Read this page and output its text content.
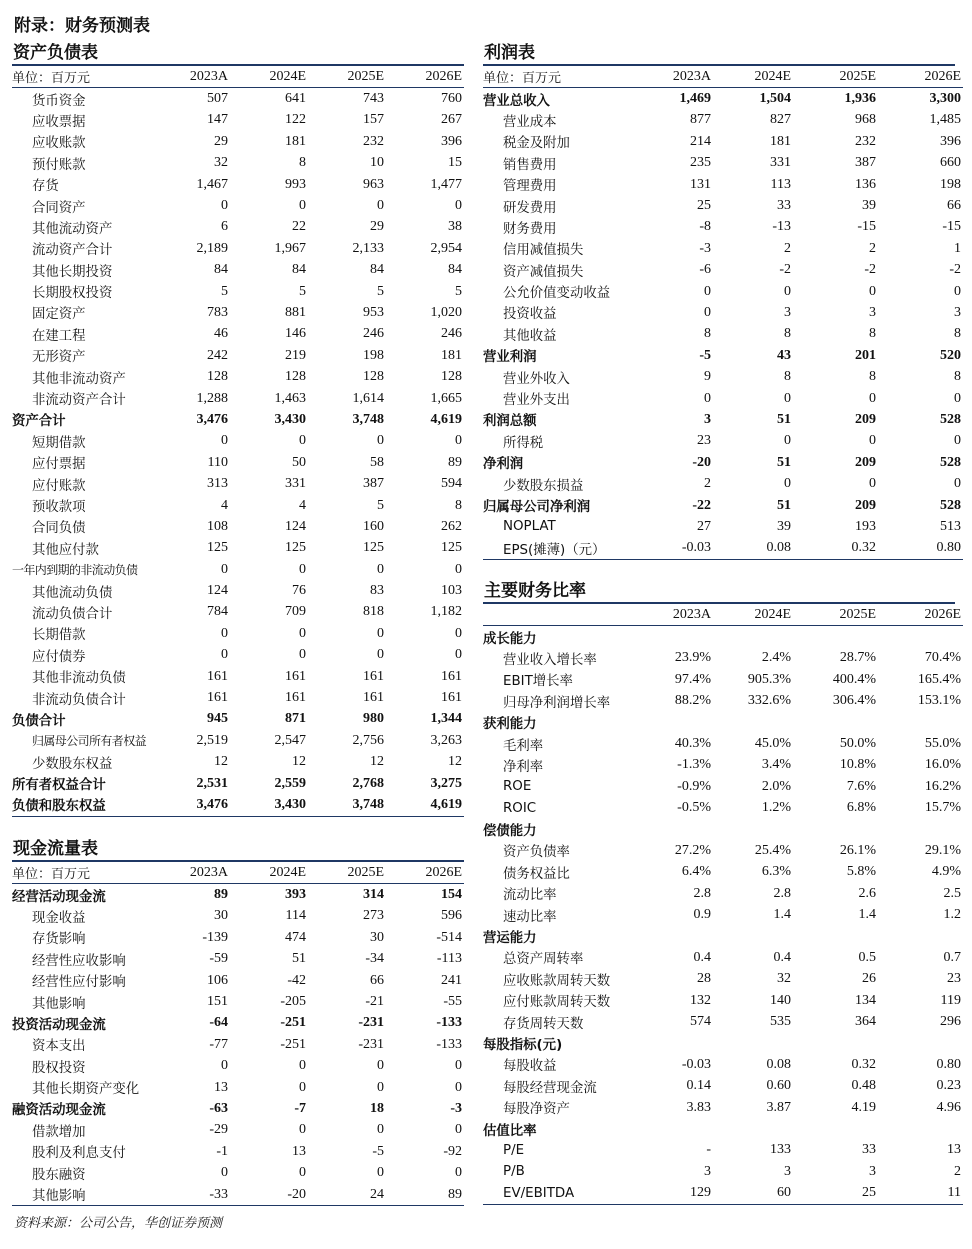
附录：财务预测表
资产负债表
单位：百万元	2023A	2024E	2025E	2026E
货币资金	507	641	743	760
应收票据	147	122	157	267
应收账款	29	181	232	396
预付账款	32	8	10	15
存货	1,467	993	963	1,477
合同资产	0	0	0	0
其他流动资产	6	22	29	38
流动资产合计	2,189	1,967	2,133	2,954
其他长期投资	84	84	84	84
长期股权投资	5	5	5	5
固定资产	783	881	953	1,020
在建工程	46	146	246	246
无形资产	242	219	198	181
其他非流动资产	128	128	128	128
非流动资产合计	1,288	1,463	1,614	1,665
资产合计	3,476	3,430	3,748	4,619
短期借款	0	0	0	0
应付票据	110	50	58	89
应付账款	313	331	387	594
预收款项	4	4	5	8
合同负债	108	124	160	262
其他应付款	125	125	125	125
一年内到期的非流动负债	0	0	0	0
其他流动负债	124	76	83	103
流动负债合计	784	709	818	1,182
长期借款	0	0	0	0
应付债券	0	0	0	0
其他非流动负债	161	161	161	161
非流动负债合计	161	161	161	161
负债合计	945	871	980	1,344
归属母公司所有者权益	2,519	2,547	2,756	3,263
少数股东权益	12	12	12	12
所有者权益合计	2,531	2,559	2,768	3,275
负债和股东权益	3,476	3,430	3,748	4,619
现金流量表
单位：百万元	2023A	2024E	2025E	2026E
经营活动现金流	89	393	314	154
现金收益	30	114	273	596
存货影响	-139	474	30	-514
经营性应收影响	-59	51	-34	-113
经营性应付影响	106	-42	66	241
其他影响	151	-205	-21	-55
投资活动现金流	-64	-251	-231	-133
资本支出	-77	-251	-231	-133
股权投资	0	0	0	0
其他长期资产变化	13	0	0	0
融资活动现金流	-63	-7	18	-3
借款增加	-29	0	0	0
股利及利息支付	-1	13	-5	-92
股东融资	0	0	0	0
其他影响	-33	-20	24	89
利润表
单位：百万元	2023A	2024E	2025E	2026E
营业总收入	1,469	1,504	1,936	3,300
营业成本	877	827	968	1,485
税金及附加	214	181	232	396
销售费用	235	331	387	660
管理费用	131	113	136	198
研发费用	25	33	39	66
财务费用	-8	-13	-15	-15
信用减值损失	-3	2	2	1
资产减值损失	-6	-2	-2	-2
公允价值变动收益	0	0	0	0
投资收益	0	3	3	3
其他收益	8	8	8	8
营业利润	-5	43	201	520
营业外收入	9	8	8	8
营业外支出	0	0	0	0
利润总额	3	51	209	528
所得税	23	0	0	0
净利润	-20	51	209	528
少数股东损益	2	0	0	0
归属母公司净利润	-22	51	209	528
NOPLAT	27	39	193	513
EPS(摊薄)（元）	-0.03	0.08	0.32	0.80
主要财务比率
	2023A	2024E	2025E	2026E
成长能力				
营业收入增长率	23.9%	2.4%	28.7%	70.4%
EBIT增长率	97.4%	905.3%	400.4%	165.4%
归母净利润增长率	88.2%	332.6%	306.4%	153.1%
获利能力				
毛利率	40.3%	45.0%	50.0%	55.0%
净利率	-1.3%	3.4%	10.8%	16.0%
ROE	-0.9%	2.0%	7.6%	16.2%
ROIC	-0.5%	1.2%	6.8%	15.7%
偿债能力				
资产负债率	27.2%	25.4%	26.1%	29.1%
债务权益比	6.4%	6.3%	5.8%	4.9%
流动比率	2.8	2.8	2.6	2.5
速动比率	0.9	1.4	1.4	1.2
营运能力				
总资产周转率	0.4	0.4	0.5	0.7
应收账款周转天数	28	32	26	23
应付账款周转天数	132	140	134	119
存货周转天数	574	535	364	296
每股指标(元)				
每股收益	-0.03	0.08	0.32	0.80
每股经营现金流	0.14	0.60	0.48	0.23
每股净资产	3.83	3.87	4.19	4.96
估值比率				
P/E	-	133	33	13
P/B	3	3	3	2
EV/EBITDA	129	60	25	11
资料来源：公司公告，华创证券预测
